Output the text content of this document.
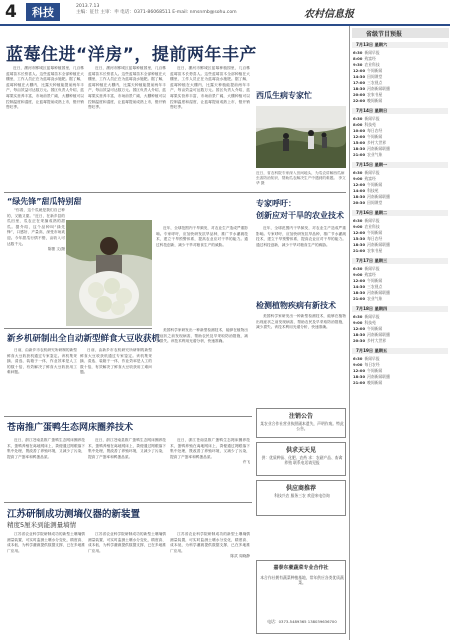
4	科技	2013.7.13
主编：征仕 主审：申 电话：0371-86068511 E-mail: nmsnmb@sohu.com	农村信息报
蓝莓住进“洋房”，提前两年丰产

近日，漯河市郾城区蓝莓种植园里，几百株蓝莓苗木长势喜人。这些蓝莓苗木全部种植在大棚里，工作人员正在为蓝莓浇水施肥。据了解，蓝莓种植在大棚内，比露天种植能提前两年丰产，每亩效益可达数万元。园区负责人介绍，蓝莓果实营养丰富，市场前景广阔，大棚种植可以控制温度和湿度，让蓝莓提前成熟上市，错开销售旺季。

近日，漯河市郾城区蓝莓种植园里，几百株蓝莓苗木长势喜人。这些蓝莓苗木全部种植在大棚里，工作人员正在为蓝莓浇水施肥。据了解，蓝莓种植在大棚内，比露天种植能提前两年丰产，每亩效益可达数万元。园区负责人介绍，蓝莓果实营养丰富，市场前景广阔，大棚种植可以控制温度和湿度，让蓝莓提前成熟上市，错开销售旺季。

近日，漯河市郾城区蓝莓种植园里，几百株蓝莓苗木长势喜人。这些蓝莓苗木全部种植在大棚里，工作人员正在为蓝莓浇水施肥。据了解，蓝莓种植在大棚内，比露天种植能提前两年丰产，每亩效益可达数万元。园区负责人介绍，蓝莓果实营养丰富，市场前景广阔，大棚种植可以控制温度和湿度，让蓝莓提前成熟上市，错开销售旺季。

西瓜生病专家忙
近日，省农科院专家深入田间地头，为瓜农讲解西瓜病虫害防治知识，帮助瓜农解决生产中遇到的难题。 李文华 摄
“绿先锋”甜瓜特别甜

“你看，这个瓜就是我们自己种的，又脆又甜。”近日，在新乡县的瓜田里，瓜农正在采摘成熟的甜瓜。据介绍，这个品种叫“绿先锋”，口感好、产量高，深受市场欢迎。今年甜瓜行情不错，亩收入可达数千元。

陈蕾 文/摄

专家呼吁：
创新应对干旱的农业技术

近年，全球范围内干旱频发，对农业生产造成严重影响。专家呼吁，应加快研发抗旱品种，推广节水灌溉技术，建立干旱预警体系，提高农业应对干旱的能力。通过科技创新，减少干旱对粮食生产的威胁。

近年，全球范围内干旱频发，对农业生产造成严重影响。专家呼吁，应加快研发抗旱品种，推广节水灌溉技术，建立干旱预警体系，提高农业应对干旱的能力。通过科技创新，减少干旱对粮食生产的威胁。

检测植物疾病有新技术

美国科学家研发出一种新型检测技术，能够在植物出现症状之前发现病害，帮助农民及早采取防治措施，减少损失。该技术利用光谱分析，快速准确。

美国科学家研发出一种新型检测技术，能够在植物出现症状之前发现病害，帮助农民及早采取防治措施，减少损失。该技术利用光谱分析，快速准确。

新乡机研制出全自动新型鲜食大豆收获机

日前，由新乡市农机研究所研制的新型鲜食大豆收获机通过专家鉴定。该机集采摘、清选、装箱于一体，作业效率是人工的数十倍，有效解决了鲜食大豆收获用工难问题。

日前，由新乡市农机研究所研制的新型鲜食大豆收获机通过专家鉴定。该机集采摘、清选、装箱于一体，作业效率是人工的数十倍，有效解决了鲜食大豆收获用工难问题。

注销公告
某农业合作社营业执照副本遗失，声明作废。特此公告。
供求天天见
供：优质种苗、化肥、农药 求：农副产品、畜禽养殖 联系电话请见报
供应商推荐
科技兴农 服务三农 欢迎来电咨询
苍南推广蛋鸭生态网床圈养技术

近日，浙江苍南县推广蛋鸭生态网床圈养技术，蛋鸭养殖在离地网床上，粪便通过网眼落下集中处理，既改善了养殖环境，又减少了污染，提高了产蛋率和鸭蛋品质。

近日，浙江苍南县推广蛋鸭生态网床圈养技术，蛋鸭养殖在离地网床上，粪便通过网眼落下集中处理，既改善了养殖环境，又减少了污染，提高了产蛋率和鸭蛋品质。

近日，浙江苍南县推广蛋鸭生态网床圈养技术，蛋鸭养殖在离地网床上，粪便通过网眼落下集中处理，既改善了养殖环境，又减少了污染，提高了产蛋率和鸭蛋品质。

许飞

江苏研制成功测墒仪器的新装置
精度5厘米到能测量墒情

江苏省农业科学院研制成功的新型土壤墒情测量装置，可实时监测土壤水分变化，精度高、成本低，为科学灌溉提供数据支撑，已在多地推广应用。

江苏省农业科学院研制成功的新型土壤墒情测量装置，可实时监测土壤水分变化，精度高、成本低，为科学灌溉提供数据支撑，已在多地推广应用。

江苏省农业科学院研制成功的新型土壤墒情测量装置，可实时监测土壤水分变化，精度高、成本低，为科学灌溉提供数据支撑，已在多地推广应用。

陈武 周晓静

嘉泰东豪蔬菜专业合作社
本合作社拥有蔬菜种植基地，常年供应各类优质蔬菜。
电话：0373-5489365 138039636700
省级节目预报
7月13日 星期六
6:30 新闻早报
8:00 致富经
9:30 农业科技
12:00 午间新闻
14:30 田间课堂
17:00 三农视点
18:30 河南新闻联播
20:00 农家书屋
22:00 晚间新闻
7月14日 星期日
6:30 新闻早报
8:00 科技苑
10:00 每日农经
12:00 午间新闻
15:00 乡村大世界
18:30 河南新闻联播
21:00 农业气象
7月15日 星期一
6:30 新闻早报
9:00 致富经
12:00 午间新闻
14:00 科技苑
18:30 河南新闻联播
20:30 田间课堂
7月16日 星期二
6:30 新闻早报
9:00 农业科技
12:00 午间新闻
15:30 每日农经
18:30 河南新闻联播
21:00 农家书屋
7月17日 星期三
6:30 新闻早报
9:00 致富经
12:00 午间新闻
14:30 三农视点
18:30 河南新闻联播
21:00 农业气象
7月18日 星期四
6:30 新闻早报
9:00 科技苑
12:00 午间新闻
18:30 河南新闻联播
20:30 乡村大世界
7月19日 星期五
6:30 新闻早报
9:00 每日农经
12:00 午间新闻
18:30 河南新闻联播
21:00 晚间新闻
